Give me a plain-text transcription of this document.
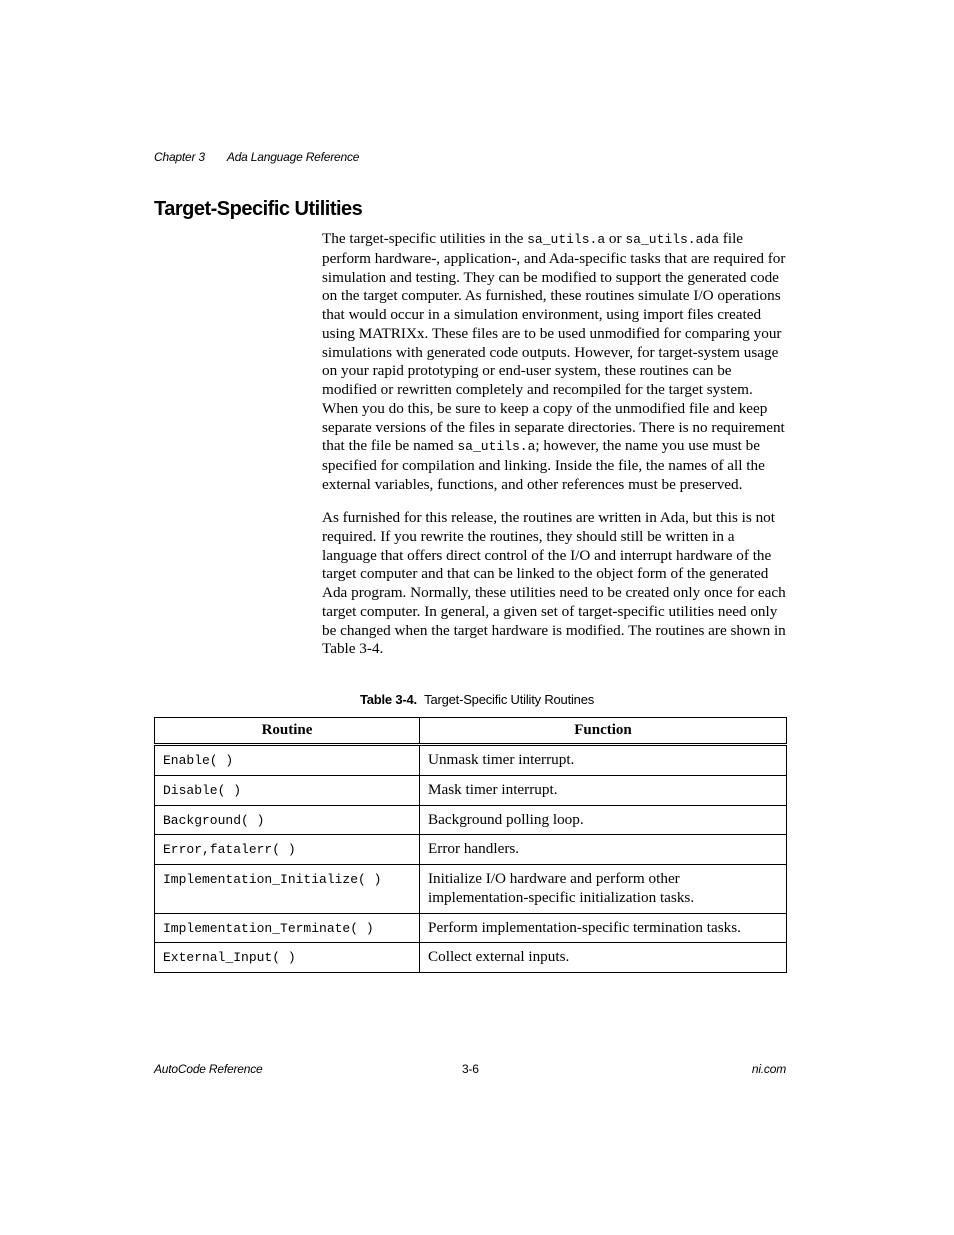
Chapter 3 Ada Language Reference
Target-Specific Utilities

The target-specific utilities in the sa_utils.a or sa_utils.ada file perform hardware-, application-, and Ada-specific tasks that are required for simulation and testing. They can be modified to support the generated code on the target computer. As furnished, these routines simulate I/O operations that would occur in a simulation environment, using import files created using MATRIXx. These files are to be used unmodified for comparing your simulations with generated code outputs. However, for target-system usage on your rapid prototyping or end-user system, these routines can be modified or rewritten completely and recompiled for the target system. When you do this, be sure to keep a copy of the unmodified file and keep separate versions of the files in separate directories. There is no requirement that the file be named sa_utils.a; however, the name you use must be specified for compilation and linking. Inside the file, the names of all the external variables, functions, and other references must be preserved.

As furnished for this release, the routines are written in Ada, but this is not required. If you rewrite the routines, they should still be written in a language that offers direct control of the I/O and interrupt hardware of the target computer and that can be linked to the object form of the generated Ada program. Normally, these utilities need to be created only once for each target computer. In general, a given set of target-specific utilities need only be changed when the target hardware is modified. The routines are shown in Table 3-4.

Table 3-4. Target-Specific Utility Routines
Routine	Function
Enable( )	Unmask timer interrupt.
Disable( )	Mask timer interrupt.
Background( )	Background polling loop.
Error,fatalerr( )	Error handlers.
Implementation_Initialize( )	Initialize I/O hardware and perform other implementation-specific initialization tasks.
Implementation_Terminate( )	Perform implementation-specific termination tasks.
External_Input( )	Collect external inputs.
AutoCode Reference	3-6	ni.com
